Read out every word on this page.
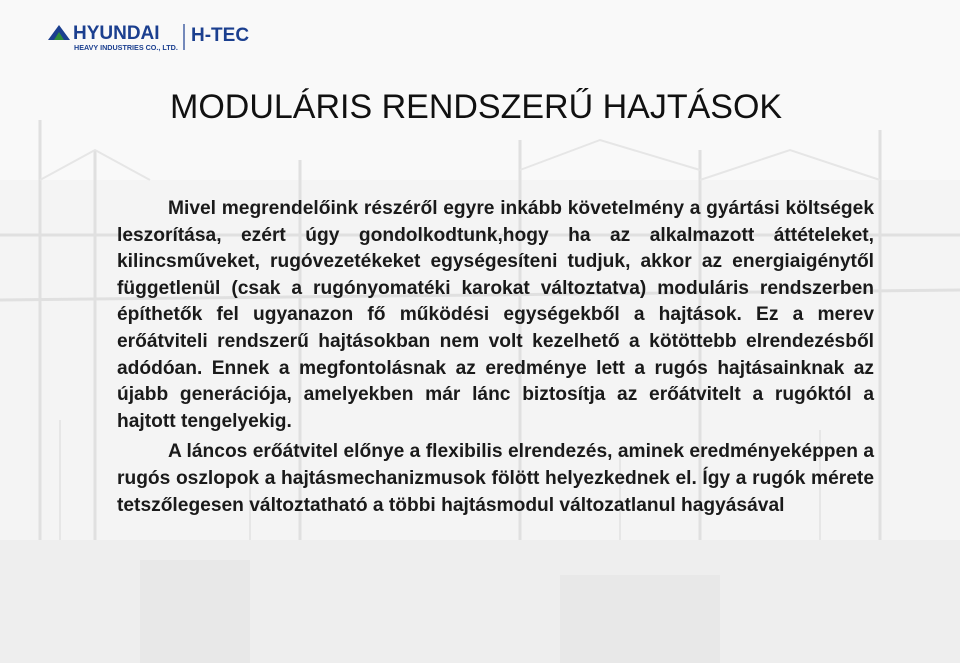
HYUNDAI
HEAVY INDUSTRIES CO., LTD.
H-TEC
MODULÁRIS RENDSZERŰ HAJTÁSOK

Mivel megrendelőink részéről egyre inkább követelmény a gyártási költségek leszorítása, ezért úgy gondolkodtunk,hogy ha az alkalmazott áttételeket, kilincsműveket, rugóvezetékeket egységesíteni tudjuk, akkor az energiaigénytől függetlenül (csak a rugónyomatéki karokat változtatva) moduláris rendszerben építhetők fel ugyanazon fő működési egységekből a hajtások. Ez a merev erőátviteli rendszerű hajtásokban nem volt kezelhető a kötöttebb elrendezésből adódóan. Ennek a megfontolásnak az eredménye lett a rugós hajtásainknak az újabb generációja, amelyekben már lánc biztosítja az erőátvitelt a rugóktól a hajtott tengelyekig.

A láncos erőátvitel előnye a flexibilis elrendezés, aminek eredményeképpen a rugós oszlopok a hajtásmechanizmusok fölött helyezkednek el. Így a rugók mérete tetszőlegesen változtatható a többi hajtásmodul változatlanul hagyásával
